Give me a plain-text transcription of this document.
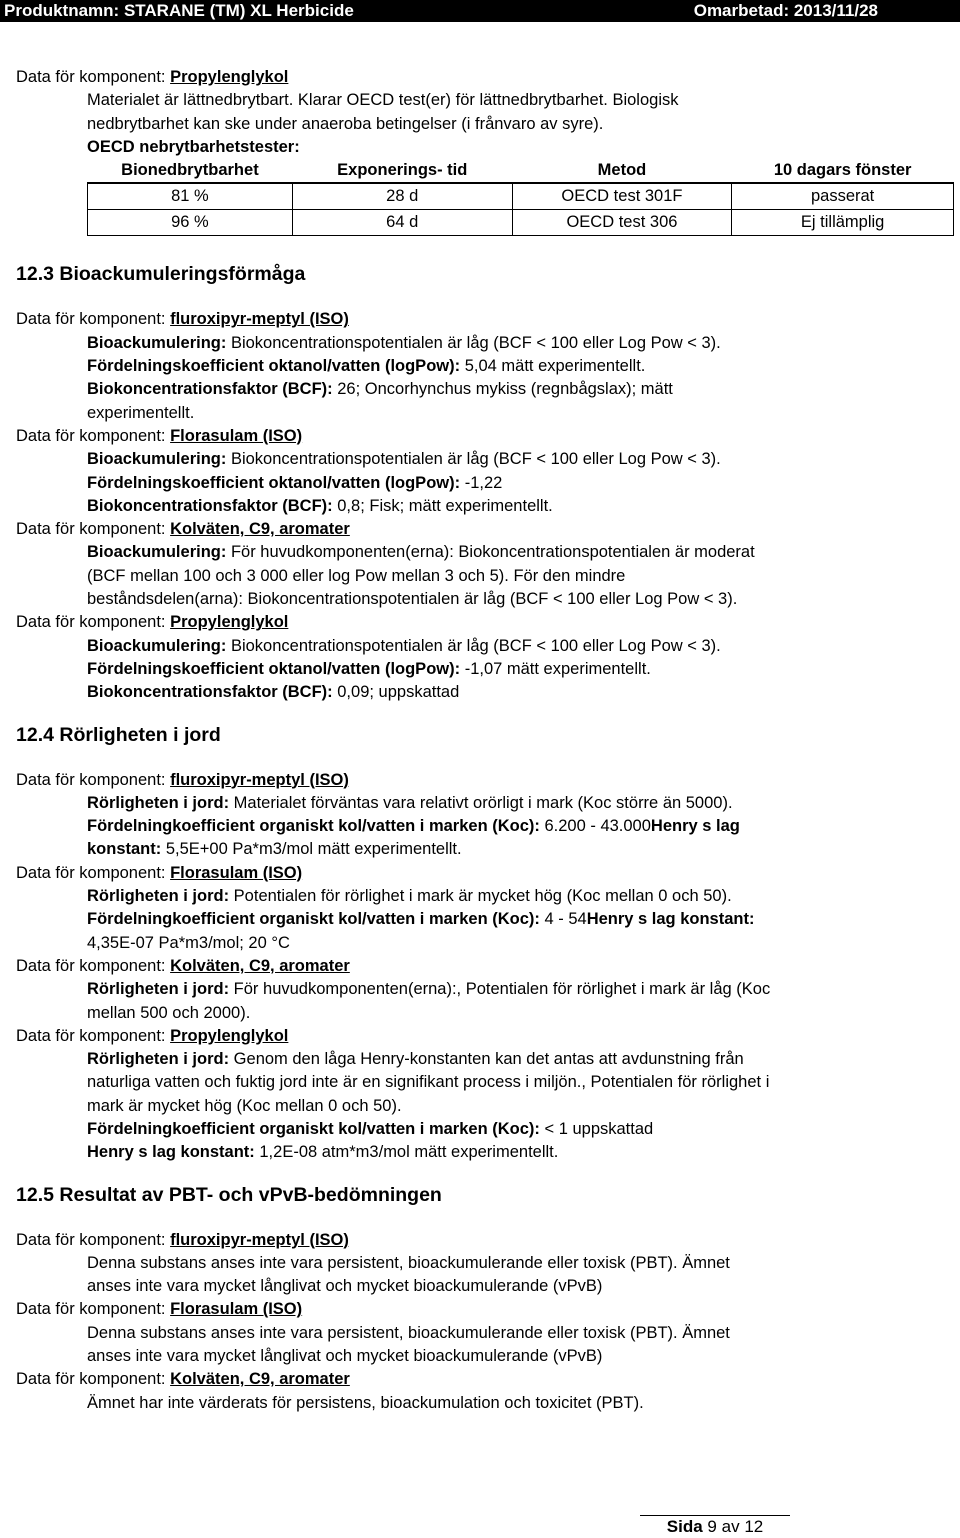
Produktnamn: STARANE (TM) XL Herbicide	Omarbetad: 2013/11/28
Data för komponent: Propylenglykol
Materialet är lättnedbrytbart. Klarar OECD test(er) för lättnedbrytbarhet. Biologisk
nedbrytbarhet kan ske under anaeroba betingelser (i frånvaro av syre).
OECD nebrytbarhetstester:
Bionedbrytbarhet	Exponerings- tid	Metod	10 dagars fönster
81 %	28 d	OECD test 301F	passerat
96 %	64 d	OECD test 306	Ej tillämplig
12.3 Bioackumuleringsförmåga
Data för komponent: fluroxipyr-meptyl (ISO)
Bioackumulering: Biokoncentrationspotentialen är låg (BCF < 100 eller Log Pow < 3).
Fördelningskoefficient oktanol/vatten (logPow): 5,04 mätt experimentellt.
Biokoncentrationsfaktor (BCF): 26; Oncorhynchus mykiss (regnbågslax); mätt
experimentellt.
Data för komponent: Florasulam (ISO)
Bioackumulering: Biokoncentrationspotentialen är låg (BCF < 100 eller Log Pow < 3).
Fördelningskoefficient oktanol/vatten (logPow): -1,22
Biokoncentrationsfaktor (BCF): 0,8; Fisk; mätt experimentellt.
Data för komponent: Kolväten, C9, aromater
Bioackumulering: För huvudkomponenten(erna): Biokoncentrationspotentialen är moderat
(BCF mellan 100 och 3 000 eller log Pow mellan 3 och 5). För den mindre
beståndsdelen(arna): Biokoncentrationspotentialen är låg (BCF < 100 eller Log Pow < 3).
Data för komponent: Propylenglykol
Bioackumulering: Biokoncentrationspotentialen är låg (BCF < 100 eller Log Pow < 3).
Fördelningskoefficient oktanol/vatten (logPow): -1,07 mätt experimentellt.
Biokoncentrationsfaktor (BCF): 0,09; uppskattad
12.4 Rörligheten i jord
Data för komponent: fluroxipyr-meptyl (ISO)
Rörligheten i jord: Materialet förväntas vara relativt orörligt i mark (Koc större än 5000).
Fördelningkoefficient organiskt kol/vatten i marken (Koc): 6.200 - 43.000Henry s lag
konstant: 5,5E+00 Pa*m3/mol mätt experimentellt.
Data för komponent: Florasulam (ISO)
Rörligheten i jord: Potentialen för rörlighet i mark är mycket hög (Koc mellan 0 och 50).
Fördelningkoefficient organiskt kol/vatten i marken (Koc): 4 - 54Henry s lag konstant:
4,35E-07 Pa*m3/mol; 20 °C
Data för komponent: Kolväten, C9, aromater
Rörligheten i jord: För huvudkomponenten(erna):, Potentialen för rörlighet i mark är låg (Koc
mellan 500 och 2000).
Data för komponent: Propylenglykol
Rörligheten i jord: Genom den låga Henry-konstanten kan det antas att avdunstning från
naturliga vatten och fuktig jord inte är en signifikant process i miljön., Potentialen för rörlighet i
mark är mycket hög (Koc mellan 0 och 50).
Fördelningkoefficient organiskt kol/vatten i marken (Koc): < 1 uppskattad
Henry s lag konstant: 1,2E-08 atm*m3/mol mätt experimentellt.
12.5 Resultat av PBT- och vPvB-bedömningen
Data för komponent: fluroxipyr-meptyl (ISO)
Denna substans anses inte vara persistent, bioackumulerande eller toxisk (PBT). Ämnet
anses inte vara mycket långlivat och mycket bioackumulerande (vPvB)
Data för komponent: Florasulam (ISO)
Denna substans anses inte vara persistent, bioackumulerande eller toxisk (PBT). Ämnet
anses inte vara mycket långlivat och mycket bioackumulerande (vPvB)
Data för komponent: Kolväten, C9, aromater
Ämnet har inte värderats för persistens, bioackumulation och toxicitet (PBT).
Sida 9 av 12
